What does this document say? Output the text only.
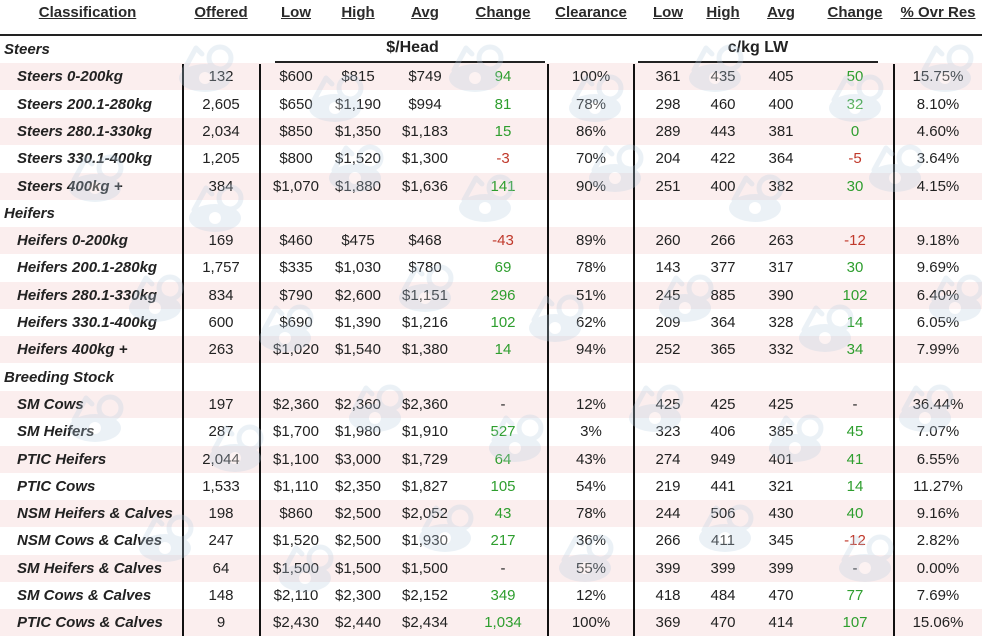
Classification	Offered	Low	High	Avg	Change	Clearance	Low	High	Avg	Change	% Ovr Res
$/Head	c/kg LW
Steers
Steers 0-200kg	132	$600	$815	$749	94	100%	361	435	405	50	15.75%
Steers 200.1-280kg	2,605	$650	$1,190	$994	81	78%	298	460	400	32	8.10%
Steers 280.1-330kg	2,034	$850	$1,350	$1,183	15	86%	289	443	381	0	4.60%
Steers 330.1-400kg	1,205	$800	$1,520	$1,300	-3	70%	204	422	364	-5	3.64%
Steers 400kg +	384	$1,070	$1,880	$1,636	141	90%	251	400	382	30	4.15%
Heifers
Heifers 0-200kg	169	$460	$475	$468	-43	89%	260	266	263	-12	9.18%
Heifers 200.1-280kg	1,757	$335	$1,030	$780	69	78%	143	377	317	30	9.69%
Heifers 280.1-330kg	834	$790	$2,600	$1,151	296	51%	245	885	390	102	6.40%
Heifers 330.1-400kg	600	$690	$1,390	$1,216	102	62%	209	364	328	14	6.05%
Heifers 400kg +	263	$1,020	$1,540	$1,380	14	94%	252	365	332	34	7.99%
Breeding Stock
SM Cows	197	$2,360	$2,360	$2,360	-	12%	425	425	425	-	36.44%
SM Heifers	287	$1,700	$1,980	$1,910	527	3%	323	406	385	45	7.07%
PTIC Heifers	2,044	$1,100	$3,000	$1,729	64	43%	274	949	401	41	6.55%
PTIC Cows	1,533	$1,110	$2,350	$1,827	105	54%	219	441	321	14	11.27%
NSM Heifers & Calves	198	$860	$2,500	$2,052	43	78%	244	506	430	40	9.16%
NSM Cows & Calves	247	$1,520	$2,500	$1,930	217	36%	266	411	345	-12	2.82%
SM Heifers & Calves	64	$1,500	$1,500	$1,500	-	55%	399	399	399	-	0.00%
SM Cows & Calves	148	$2,110	$2,300	$2,152	349	12%	418	484	470	77	7.69%
PTIC Cows & Calves	9	$2,430	$2,440	$2,434	1,034	100%	369	470	414	107	15.06%
